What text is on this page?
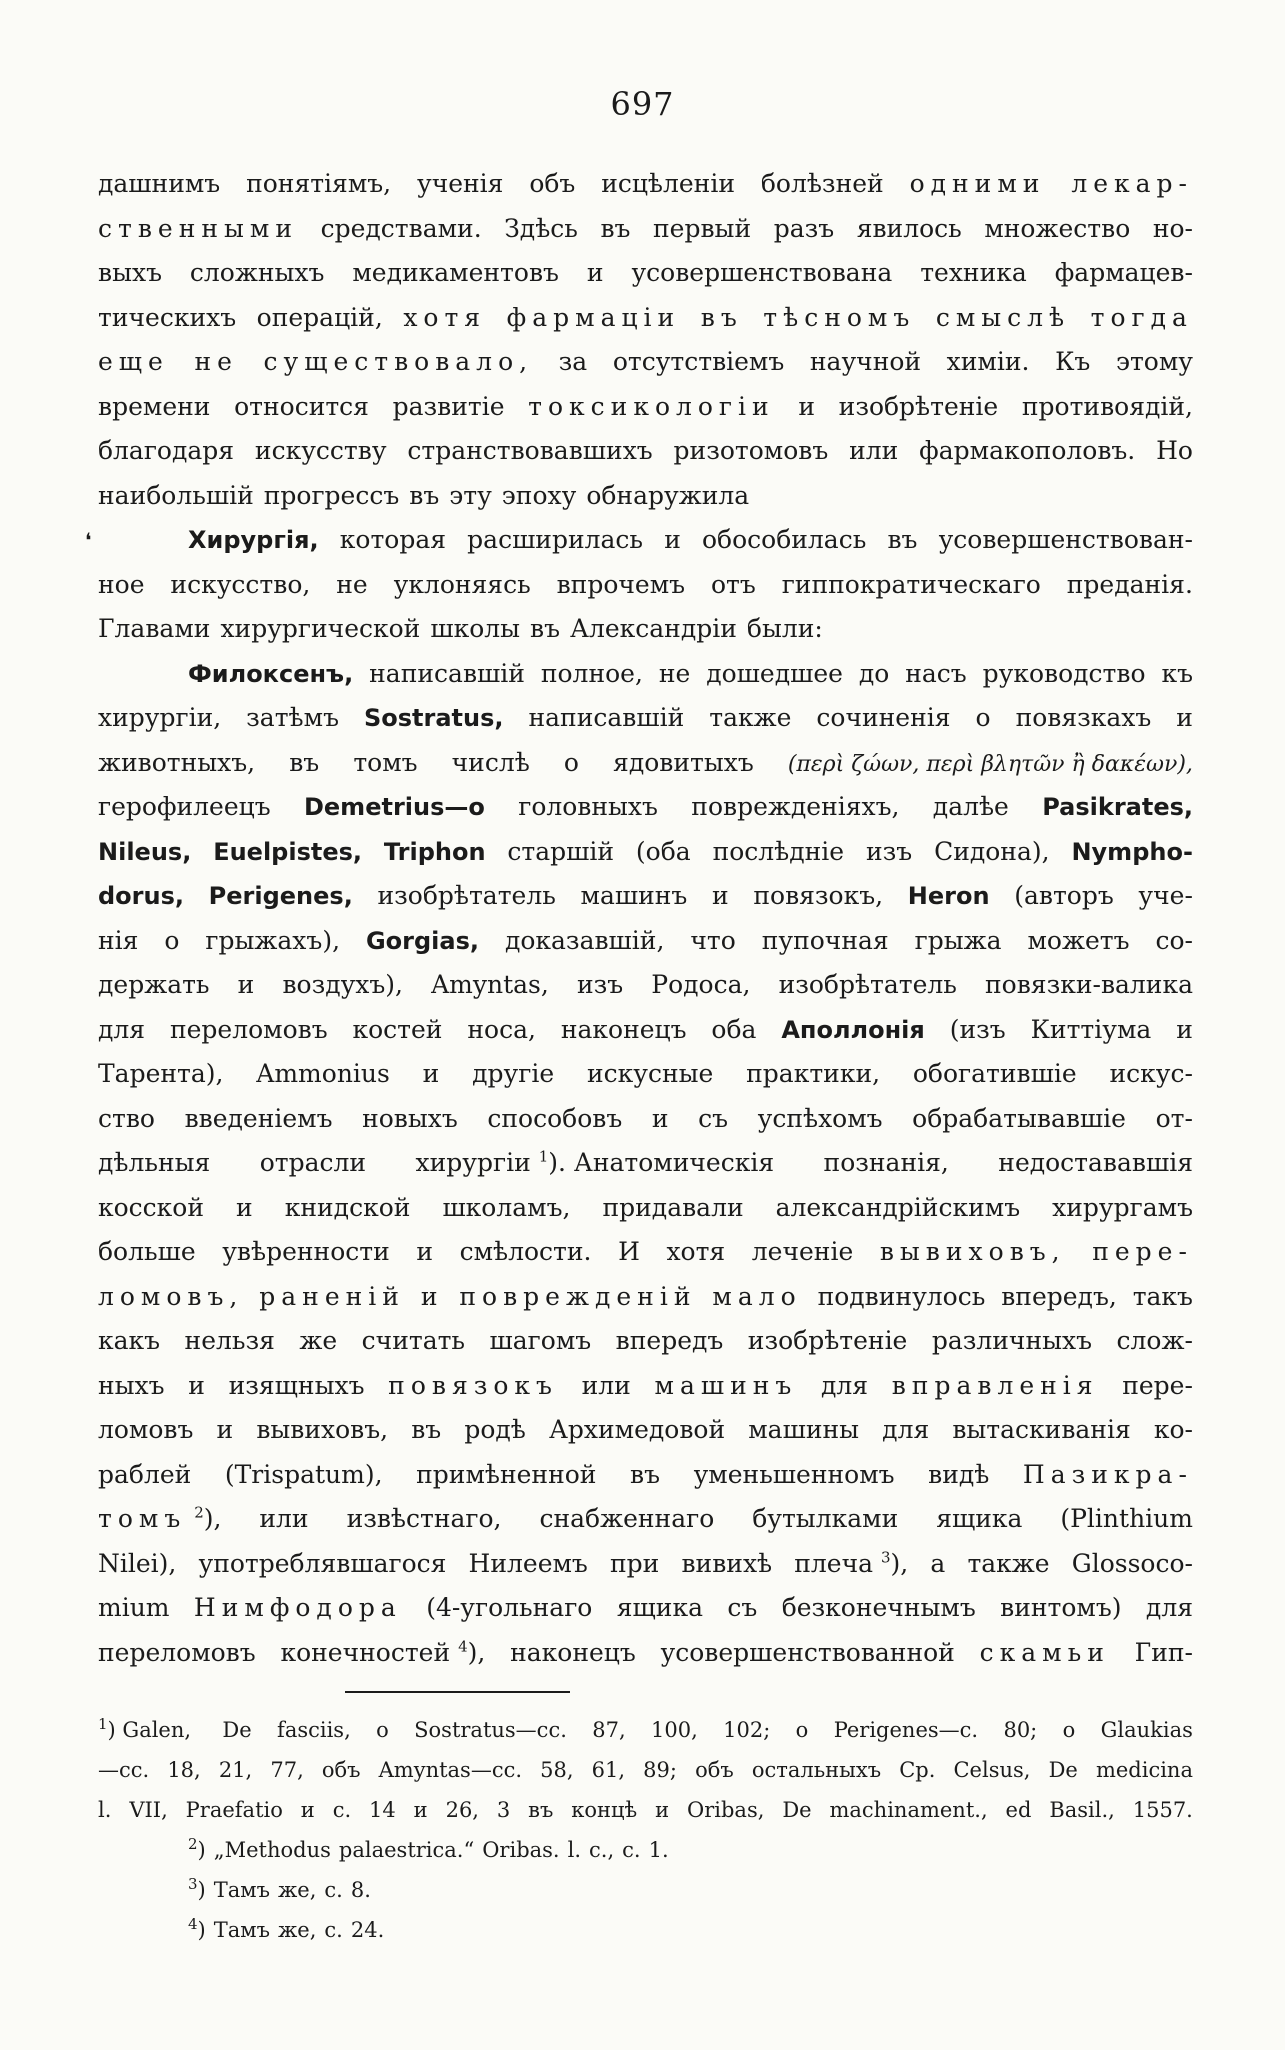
697
❛
дашнимъ понятіямъ, ученія объ исцѣленіи болѣзней одними лекар-
ственными средствами. Здѣсь въ первый разъ явилось множество но-
выхъ сложныхъ медикаментовъ и усовершенствована техника фармацев-
тическихъ операцій, хотя фармаціи въ тѣсномъ смыслѣ тогда
еще не существовало, за отсутствіемъ научной химіи. Къ этому
времени относится развитіе токсикологіи и изобрѣтеніе противоядій,
благодаря искусству странствовавшихъ ризотомовъ или фармакополовъ. Но
наибольшій прогрессъ въ эту эпоху обнаружила
Хирургія, которая расширилась и обособилась въ усовершенствован-
ное искусство, не уклоняясь впрочемъ отъ гиппократическаго преданія.
Главами хирургической школы въ Александріи были:
Филоксенъ, написавшій полное, не дошедшее до насъ руководство къ
хирургіи, затѣмъ Sostratus, написавшій также сочиненія о повязкахъ и
животныхъ, въ томъ числѣ о ядовитыхъ (περὶ ζώων, περὶ βλητῶν ἢ δακέων),
герофилеецъ Demetrius—о головныхъ поврежденіяхъ, далѣе Pasikrates,
Nileus, Euelpistes, Triphon старшій (оба послѣдніе изъ Сидона), Nympho-
dorus, Perigenes, изобрѣтатель машинъ и повязокъ, Heron (авторъ уче-
нія о грыжахъ), Gorgias, доказавшій, что пупочная грыжа можетъ со-
держать и воздухъ), Amyntas, изъ Родоса, изобрѣтатель повязки-валика
для переломовъ костей носа, наконецъ оба Аполлонія (изъ Киттіума и
Тарента), Ammonius и другіе искусные практики, обогатившіе искус-
ство введеніемъ новыхъ способовъ и съ успѣхомъ обрабатывавшіе от-
дѣльныя отрасли хирургіи $^1$). Анатомическія познанія, недостававшія
косской и книдской школамъ, придавали александрійскимъ хирургамъ
больше увѣренности и смѣлости. И хотя леченіе вывиховъ, пере-
ломовъ, раненій и поврежденій мало подвинулось впередъ, такъ
какъ нельзя же считать шагомъ впередъ изобрѣтеніе различныхъ слож-
ныхъ и изящныхъ повязокъ или машинъ для вправленія пере-
ломовъ и вывиховъ, въ родѣ Архимедовой машины для вытаскиванія ко-
раблей (Trispatum), примѣненной въ уменьшенномъ видѣ Пазикра-
томъ $^2$), или извѣстнаго, снабженнаго бутылками ящика (Plinthium
Nilei), употреблявшагося Нилеемъ при вивихѣ плеча $^3$), а также Glossoco-
mium Нимфодора (4-угольнаго ящика съ безконечнымъ винтомъ) для
переломовъ конечностей $^4$), наконецъ усовершенствованной скамьи Гип-
$^1$) Galen, De fasciis, о Sostratus—cc. 87, 100, 102; о Perigenes—c. 80; о Glaukias
—cc. 18, 21, 77, объ Amyntas—cc. 58, 61, 89; объ остальныхъ Ср. Celsus, De medicina
l. VII, Praefatio и с. 14 и 26, 3 въ концѣ и Oribas, De machinament., ed Basil., 1557.
$^2$) „Methodus palaestrica.“ Oribas. l. c., c. 1.
$^3$) Тамъ же, с. 8.
$^4$) Тамъ же, с. 24.
